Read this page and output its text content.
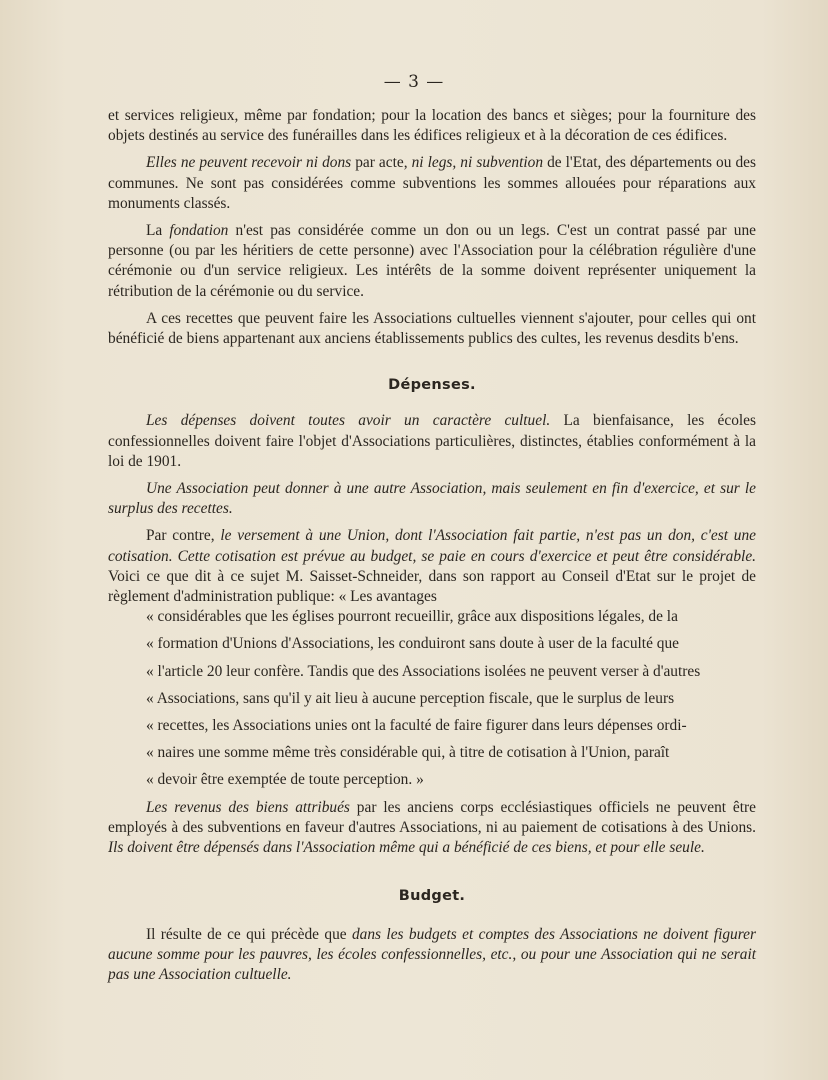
— 3 —

et services religieux, même par fondation; pour la location des bancs et sièges; pour la fourniture des objets destinés au service des funérailles dans les édifices religieux et à la décoration de ces édifices.

Elles ne peuvent recevoir ni dons par acte, ni legs, ni subvention de l'Etat, des départements ou des communes. Ne sont pas considérées comme subventions les sommes allouées pour réparations aux monuments classés.

La fondation n'est pas considérée comme un don ou un legs. C'est un contrat passé par une personne (ou par les héritiers de cette personne) avec l'Association pour la célébration régulière d'une cérémonie ou d'un service religieux. Les intérêts de la somme doivent représenter uniquement la rétribution de la cérémonie ou du service.

A ces recettes que peuvent faire les Associations cultuelles viennent s'ajouter, pour celles qui ont bénéficié de biens appartenant aux anciens établissements publics des cultes, les revenus desdits b'ens.

Dépenses.

Les dépenses doivent toutes avoir un caractère cultuel. La bienfaisance, les écoles confessionnelles doivent faire l'objet d'Associations particulières, distinctes, établies conformément à la loi de 1901.

Une Association peut donner à une autre Association, mais seulement en fin d'exercice, et sur le surplus des recettes.

Par contre, le versement à une Union, dont l'Association fait partie, n'est pas un don, c'est une cotisation. Cette cotisation est prévue au budget, se paie en cours d'exercice et peut être considérable. Voici ce que dit à ce sujet M. Saisset-Schneider, dans son rapport au Conseil d'Etat sur le projet de règlement d'administration publique: « Les avantages

« considérables que les églises pourront recueillir, grâce aux dispositions légales, de la

« formation d'Unions d'Associations, les conduiront sans doute à user de la faculté que

« l'article 20 leur confère. Tandis que des Associations isolées ne peuvent verser à d'autres

« Associations, sans qu'il y ait lieu à aucune perception fiscale, que le surplus de leurs

« recettes, les Associations unies ont la faculté de faire figurer dans leurs dépenses ordi-

« naires une somme même très considérable qui, à titre de cotisation à l'Union, paraît

« devoir être exemptée de toute perception. »

Les revenus des biens attribués par les anciens corps ecclésiastiques officiels ne peuvent être employés à des subventions en faveur d'autres Associations, ni au paiement de cotisations à des Unions. Ils doivent être dépensés dans l'Association même qui a bénéficié de ces biens, et pour elle seule.

Budget.

Il résulte de ce qui précède que dans les budgets et comptes des Associations ne doivent figurer aucune somme pour les pauvres, les écoles confessionnelles, etc., ou pour une Association qui ne serait pas une Association cultuelle.
